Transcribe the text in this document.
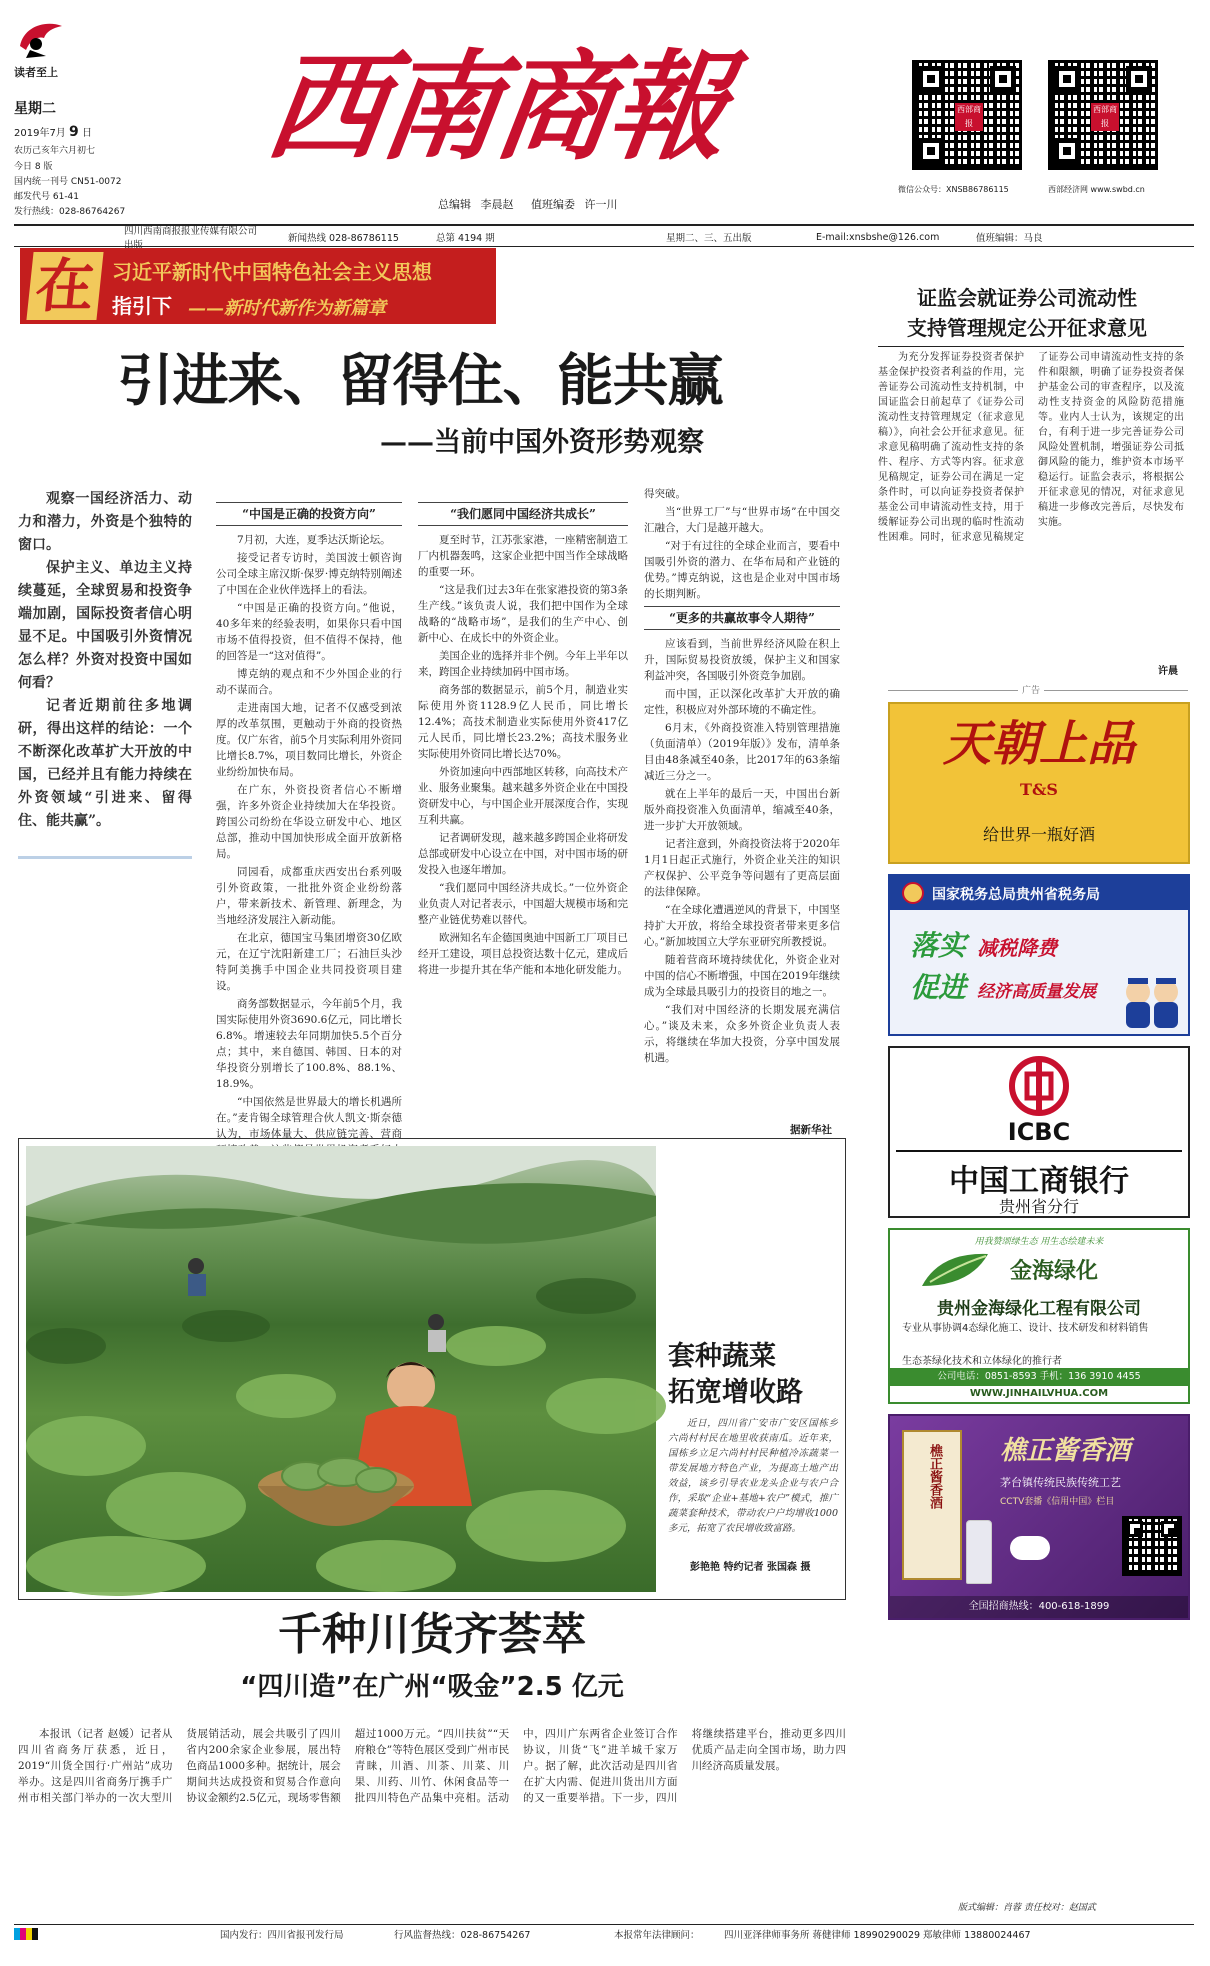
读者至上
星期二
2019年7月 9 日
农历己亥年六月初七
今日 8 版
国内统一刊号 CN51-0072
邮发代号 61-41
发行热线：028-86764267
西南商報
总编辑 李晨赵 值班编委 许一川
西部商报
微信公众号：XNSB86786115
西部商报
西部经济网 www.swbd.cn
四川西南商报报业传媒有限公司
新闻热线 028-86786115	总第 4194 期	星期二、三、五出版	E-mail:xnsbshe@126.com	值班编辑：马良
在 习近平新时代中国特色社会主义思想
指引下 ——新时代新作为新篇章
引进来、留得住、能共赢
——当前中国外资形势观察

观察一国经济活力、动力和潜力，外资是个独特的窗口。

保护主义、单边主义持续蔓延，全球贸易和投资争端加剧，国际投资者信心明显不足。中国吸引外资情况怎么样？外资对投资中国如何看？

记者近期前往多地调研，得出这样的结论：一个不断深化改革扩大开放的中国，已经并且有能力持续在外资领域“引进来、留得住、能共赢”。

“中国是正确的投资方向”

7月初，大连，夏季达沃斯论坛。

接受记者专访时，美国波士顿咨询公司全球主席汉斯·保罗·博克纳特别阐述了中国在企业伙伴选择上的看法。

“中国是正确的投资方向。”他说，40多年来的经验表明，如果你只看中国市场不值得投资，但不值得不保持，他的回答是一“这对值得”。

博克纳的观点和不少外国企业的行动不谋而合。

走进南国大地，记者不仅感受到浓厚的改革氛围，更触动于外商的投资热度。仅广东省，前5个月实际利用外资同比增长8.7%，项目数同比增长，外资企业纷纷加快布局。

在广东，外资投资者信心不断增强，许多外资企业持续加大在华投资。跨国公司纷纷在华设立研发中心、地区总部，推动中国加快形成全面开放新格局。

同园看，成都重庆西安出台系列吸引外资政策，一批批外资企业纷纷落户，带来新技术、新管理、新理念，为当地经济发展注入新动能。

在北京，德国宝马集团增资30亿欧元，在辽宁沈阳新建工厂；石油巨头沙特阿美携手中国企业共同投资项目建设。

商务部数据显示，今年前5个月，我国实际使用外资3690.6亿元，同比增长6.8%。增速较去年同期加快5.5个百分点；其中，来自德国、韩国、日本的对华投资分别增长了100.8%、88.1%、18.9%。

“中国依然是世界最大的增长机遇所在。”麦肯锡全球管理合伙人凯文·斯奈德认为，市场体量大、供应链完善、营商

“我们愿同中国经济共成长”

夏至时节，江苏张家港，一座精密制造工厂内机器轰鸣，这家企业把中国当作全球战略的重要一环。

“这是我们过去3年在张家港投资的第3条生产线。”该负责人说，我们把中国作为全球战略的“战略市场”，是我们的生产中心、创新中心、在成长中的外资企业。

美国企业的选择并非个例。今年上半年以来，跨国企业持续加码中国市场。

商务部的数据显示，前5个月，制造业实际使用外资1128.9亿人民币，同比增长12.4%；高技术制造业实际使用外资417亿元人民币，同比增长23.2%；高技术服务业实际使用外资同比增长达70%。

外资加速向中西部地区转移，向高技术产业、服务业聚集。越来越多外资企业在中国投资研发中心，与中国企业开展深度合作，实现互利共赢。

记者调研发现，越来越多跨国企业将研发总部或研发中心设立在中国，对中国市场的研发投入也逐年增加。

“我们愿同中国经济共成长。”一位外资企业负责人对记者表示，中国超大规模市场和完整产业链优势难以替代。

欧洲知名车企德国奥迪中国新工厂项目已经开工建设，项目总投资达数十亿元，建成后将进一步提升其在华产能和本地化研发能力。

得突破。

当“世界工厂”与“世界市场”在中国交汇融合，大门是越开越大。

“对于有过往的全球企业而言，要看中国吸引外资的潜力、在华布局和产业链的优势。”博克纳说，这也是企业对中国市场的长期判断。

“更多的共赢故事令人期待”

应该看到，当前世界经济风险在积上升，国际贸易投资放缓，保护主义和国家利益冲突，各国吸引外资竞争加剧。

而中国，正以深化改革扩大开放的确定性，积极应对外部环境的不确定性。

6月末，《外商投资准入特别管理措施（负面清单）（2019年版）》发布，清单条目由48条减至40条，比2017年的63条缩减近三分之一。

就在上半年的最后一天，中国出台新版外商投资准入负面清单，缩减至40条，进一步扩大开放领域。

记者注意到，外商投资法将于2020年1月1日起正式施行，外资企业关注的知识产权保护、公平竞争等问题有了更高层面的法律保障。

“在全球化遭遇逆风的背景下，中国坚持扩大开放，将给全球投资者带来更多信心。”新加坡国立大学东亚研究所教授说。

随着营商环境持续优化，外资企业对中国的信心不断增强，中国在2019年继续成为全球最具吸引力的投资目的地之一。

“我们对中国经济的长期发展充满信心。”谈及未来，众多外资企业负责人表示，将继续在华加大投资，分享中国发展机遇。

据新华社
套种蔬菜
拓宽增收路
近日，四川省广安市广安区国栋乡六尚村村民在地里收获南瓜。近年来，国栋乡立足六尚村村民种植冷冻蔬菜一带发展地方特色产业，为提高土地产出效益，该乡引导农业龙头企业与农户合作，采取“企业+基地+农户”模式，推广蔬菜套种技术，带动农户户均增收1000多元，拓宽了农民增收致富路。
彭艳艳 特约记者 张国森 摄
千种川货齐荟萃
“四川造”在广州“吸金”2.5 亿元
本报讯（记者 赵媛）记者从四川省商务厅获悉，近日，2019“川货全国行·广州站”成功举办。这是四川省商务厅携手广州市相关部门举办的一次大型川货展销活动，展会共吸引了四川省内200余家企业参展，展出特色商品1000多种。据统计，展会期间共达成投资和贸易合作意向协议金额约2.5亿元，现场零售额超过1000万元。“四川扶贫”“天府粮仓”等特色展区受到广州市民青睐，川酒、川茶、川菜、川果、川药、川竹、休闲食品等一批四川特色产品集中亮相。活动中，四川广东两省企业签订合作协议，川货“飞”进羊城千家万户。据了解，此次活动是四川省在扩大内需、促进川货出川方面的又一重要举措。下一步，四川将继续搭建平台，推动更多四川优质产品走向全国市场，助力四川经济高质量发展。
证监会就证券公司流动性
支持管理规定公开征求意见
为充分发挥证券投资者保护基金保护投资者利益的作用，完善证券公司流动性支持机制，中国证监会日前起草了《证券公司流动性支持管理规定（征求意见稿）》，向社会公开征求意见。征求意见稿明确了流动性支持的条件、程序、方式等内容。征求意见稿规定，证券公司在满足一定条件时，可以向证券投资者保护基金公司申请流动性支持，用于缓解证券公司出现的临时性流动性困难。同时，征求意见稿规定了证券公司申请流动性支持的条件和限额，明确了证券投资者保护基金公司的审查程序，以及流动性支持资金的风险防范措施等。业内人士认为，该规定的出台，有利于进一步完善证券公司风险处置机制，增强证券公司抵御风险的能力，维护资本市场平稳运行。证监会表示，将根据公开征求意见的情况，对征求意见稿进一步修改完善后，尽快发布实施。
许晨
广告
天朝上品
T&S
给世界一瓶好酒
国家税务总局贵州省税务局
落实 减税降费
促进 经济高质量发展
ICBC
中国工商银行
贵州省分行
用我赞颂绿生态 用生态绘建未来
金海绿化
贵州金海绿化工程有限公司
专业从事协调4态绿化施工、设计、技术研发和材料销售
生态茶绿化技术和立体绿化的推行者
公司电话：0851-8593 手机：136 3910 4455
WWW.JINHAILVHUA.COM
樵正酱香酒
茅台镇传统民族传统工艺
CCTV套播《信用中国》栏目
樵正酱香酒
全国招商热线：400-618-1899
版式编辑：肖蓉 责任校对：赵国武
国内发行：四川省报刊发行局	行风监督热线：028-86754267	本报常年法律顾问：	四川亚泽律师事务所 蒋健律师 18990290029 郑敏律师 13880024467
